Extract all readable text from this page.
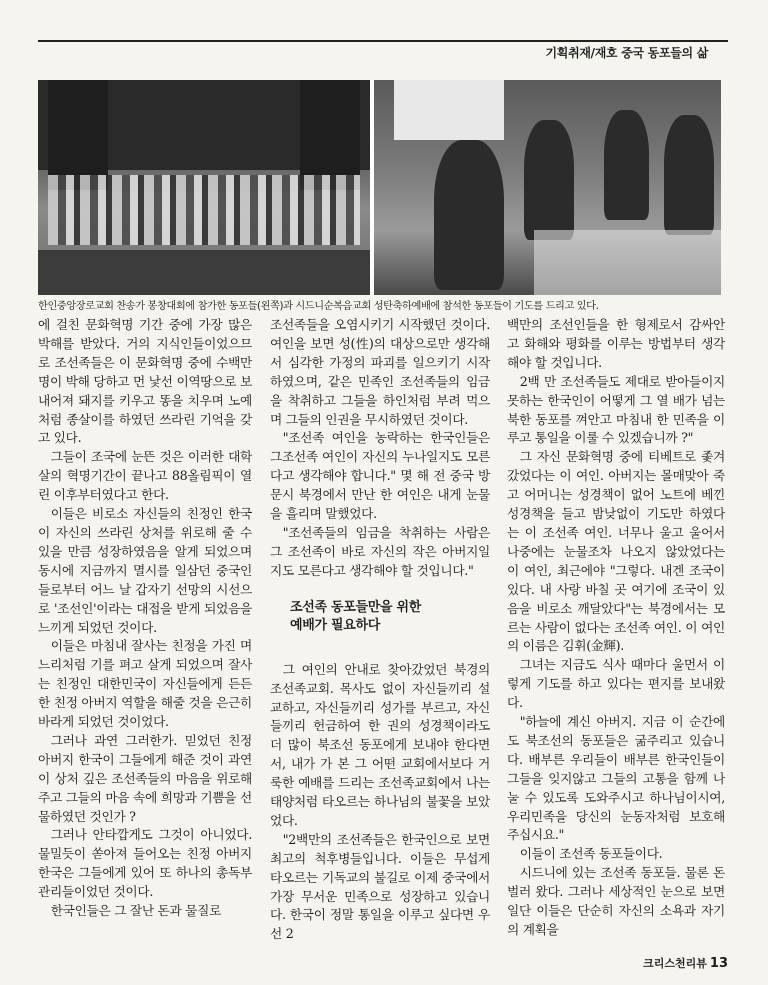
기획취재/재호 중국 동포들의 삶
한인중앙장로교회 찬송가 봉창대회에 참가한 동포들(왼쪽)과 시드니순복음교회 성탄축하예배에 참석한 동포들이 기도를 드리고 있다.

에 걸친 문화혁명 기간 중에 가장 많은 박해를 받았다. 거의 지식인들이었으므로 조선족들은 이 문화혁명 중에 수백만 명이 박해 당하고 먼 낯선 이역땅으로 보내어져 돼지를 키우고 똥을 치우며 노예처럼 종살이를 하였던 쓰라린 기억을 갖고 있다.

그들이 조국에 눈뜬 것은 이러한 대학살의 혁명기간이 끝나고 88올림픽이 열린 이후부터였다고 한다.

이들은 비로소 자신들의 친정인 한국이 자신의 쓰라린 상처를 위로해 줄 수 있을 만큼 성장하였음을 알게 되었으며 동시에 지금까지 멸시를 일삼던 중국인들로부터 어느 날 갑자기 선망의 시선으로 '조선인'이라는 대접을 받게 되었음을 느끼게 되었던 것이다.

이들은 마침내 잘사는 친정을 가진 며느리처럼 기를 펴고 살게 되었으며 잘사는 친정인 대한민국이 자신들에게 든든한 친정 아버지 역할을 해줄 것을 은근히 바라게 되었던 것이었다.

그러나 과연 그러한가. 믿었던 친정 아버지 한국이 그들에게 해준 것이 과연 이 상처 깊은 조선족들의 마음을 위로해 주고 그들의 마음 속에 희망과 기쁨을 선물하였던 것인가 ?

그러나 안타깝게도 그것이 아니었다. 물밀듯이 쏟아져 들어오는 친정 아버지 한국은 그들에게 있어 또 하나의 총독부 관리들이었던 것이다.

한국인들은 그 잘난 돈과 물질로

조선족들을 오염시키기 시작했던 것이다. 여인을 보면 성(性)의 대상으로만 생각해서 심각한 가정의 파괴를 일으키기 시작하였으며, 같은 민족인 조선족들의 임금을 착취하고 그들을 하인처럼 부려 먹으며 그들의 인권을 무시하였던 것이다.

"조선족 여인을 농락하는 한국인들은 그조선족 여인이 자신의 누나일지도 모른다고 생각해야 합니다." 몇 해 전 중국 방문시 북경에서 만난 한 여인은 내게 눈물을 흘리며 말했었다.

"조선족들의 임금을 착취하는 사람은 그 조선족이 바로 자신의 작은 아버지일지도 모른다고 생각해야 할 것입니다."

조선족 동포들만을 위한
예배가 필요하다

그 여인의 안내로 찾아갔었던 북경의 조선족교회. 목사도 없이 자신들끼리 설교하고, 자신들끼리 성가를 부르고, 자신들끼리 헌금하여 한 권의 성경책이라도 더 많이 북조선 동포에게 보내야 한다면서, 내가 가 본 그 어떤 교회에서보다 거룩한 예배를 드리는 조선족교회에서 나는 태양처럼 타오르는 하나님의 불꽃을 보았었다.

"2백만의 조선족들은 한국인으로 보면 최고의 척후병들입니다. 이들은 무섭게 타오르는 기독교의 불길로 이제 중국에서 가장 무서운 민족으로 성장하고 있습니다. 한국이 정말 통일을 이루고 싶다면 우선 2

백만의 조선인들을 한 형제로서 감싸안고 화해와 평화를 이루는 방법부터 생각해야 할 것입니다.

2백 만 조선족들도 제대로 받아들이지 못하는 한국인이 어떻게 그 열 배가 넘는 북한 동포를 껴안고 마침내 한 민족을 이루고 통일을 이룰 수 있겠습니까 ?"

그 자신 문화혁명 중에 티베트로 좇겨갔었다는 이 여인. 아버지는 몰매맞아 죽고 어머니는 성경책이 없어 노트에 베낀 성경책을 들고 밤낮없이 기도만 하였다는 이 조선족 여인. 너무나 울고 울어서 나중에는 눈물조차 나오지 않았었다는 이 여인, 최근에야 "그렇다. 내겐 조국이 있다. 내 사랑 바칠 곳 여기에 조국이 있음을 비로소 깨달았다"는 북경에서는 모르는 사람이 없다는 조선족 여인. 이 여인의 이름은 김휘(金輝).

그녀는 지금도 식사 때마다 울먼서 이렇게 기도를 하고 있다는 편지를 보내왔다.

"하늘에 계신 아버지. 지금 이 순간에도 북조선의 동포들은 굶주리고 있습니다. 배부른 우리들이 배부른 한국인들이 그들을 잊지않고 그들의 고통을 함께 나눌 수 있도록 도와주시고 하나님이시여, 우리민족을 당신의 눈동자처럼 보호해 주십시요."

이들이 조선족 동포들이다.

시드니에 있는 조선족 동포들. 물론 돈벌러 왔다. 그러나 세상적인 눈으로 보면 일단 이들은 단순히 자신의 소욕과 자기의 계획을

크리스천리뷰 13
